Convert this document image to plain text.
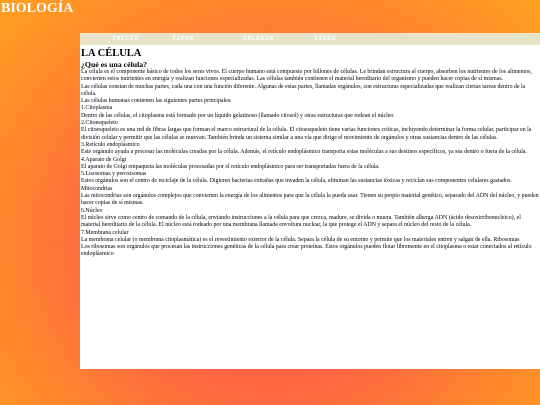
BIOLOGÍA
INICIO	TIPOS	GALERIA	VIDEO
LA CÉLULA
¿Qué es una célula?

La célula es el componente básico de todos los seres vivos. El cuerpo humano está compuesto por billones de células. Le brindan estructura al cuerpo, absorben los nutrientes de los alimentos, convierten estos nutrientes en energía y realizan funciones especializadas. Las células también contienen el material hereditario del organismo y pueden hacer copias de sí mismas.

Las células constan de muchas partes, cada una con una función diferente. Algunas de estas partes, llamadas orgánulos, son estructuras especializadas que realizan ciertas tareas dentro de la célula.

Las células humanas contienen las siguientes partes principales:

1.Citoplasma

Dentro de las células, el citoplasma está formado por un líquido gelatinoso (llamado citosol) y otras estructuras que rodean el núcleo.

2.Citoesqueleto

El citoesqueleto es una red de fibras largas que forman el marco estructural de la célula. El citoesqueleto tiene varias funciones críticas, incluyendo determinar la forma celular, participar en la división celular y permitir que las células se muevan. También brinda un sistema similar a una vía que dirige el movimiento de orgánulos y otras sustancias dentro de las células.

3.Retículo endoplásmico

Este orgánulo ayuda a procesar las moléculas creadas por la célula. Además, el retículo endoplásmico transporta estas moléculas a sus destinos específicos, ya sea dentro o fuera de la célula.

4.Aparato de Golgi

El aparato de Golgi empaqueta las moléculas procesadas por el retículo endoplásmico para ser transportadas fuera de la célula.

5.Lisosomas y peroxisomas

Estos orgánulos son el centro de reciclaje de la célula. Digieren bacterias extrañas que invaden la célula, eliminan las sustancias tóxicas y reciclan sus componentes celulares gastados.

Mitocondrias

Las mitocondrias son orgánulos complejos que convierten la energía de los alimentos para que la célula la pueda usar. Tienen su propio material genético, separado del ADN del núcleo, y pueden hacer copias de sí mismas.

6.Núcleo

El núcleo sirve como centro de comando de la célula, enviando instrucciones a la célula para que crezca, madure, se divida o muera. También alberga ADN (ácido desoxirribonucleico), el material hereditario de la célula. El núcleo está rodeado por una membrana llamada envoltura nuclear, la que protege el ADN y separa el núcleo del resto de la célula.

7.Membrana celular

La membrana celular (o membrana citoplasmática) es el revestimiento exterior de la célula. Separa la célula de su entorno y permite que los materiales entren y salgan de ella. Ribosomas

Los ribosomas son orgánulos que procesan las instrucciones genéticas de la célula para crear proteínas. Estos orgánulos pueden flotar libremente en el citoplasma o estar conectados al retículo endoplásmico
